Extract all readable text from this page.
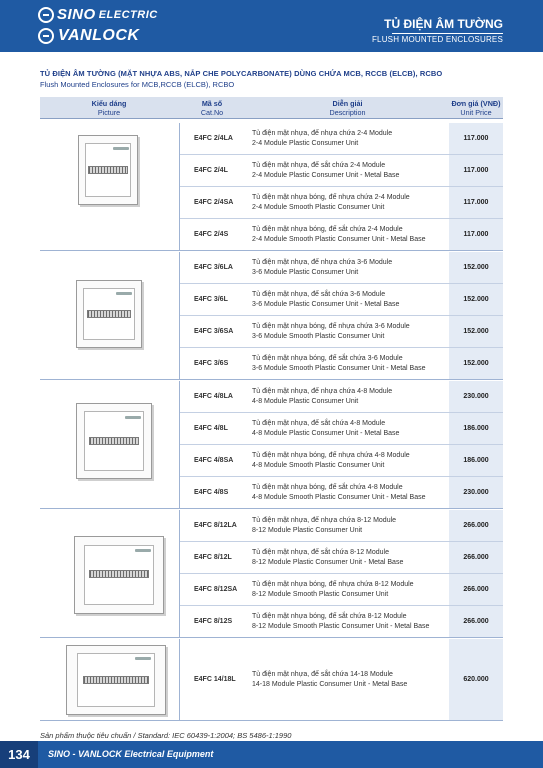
SINO ELECTRIC
VANLOCK
TỦ ĐIỆN ÂM TƯỜNG
FLUSH MOUNTED ENCLOSURES
TỦ ĐIỆN ÂM TƯỜNG (MẶT NHỰA ABS, NẮP CHE POLYCARBONATE) DÙNG CHỨA MCB, RCCB (ELCB), RCBO
Flush Mounted Enclosures for MCB,RCCB (ELCB), RCBO
Kiểu dáng
Picture
Mã số
Cat.No
Diễn giải
Description
Đơn giá (VNĐ)
Unit Price
E4FC 2/4LA
Tủ điện mặt nhựa, đế nhựa chứa 2-4 Module
2-4 Module Plastic Consumer Unit
117.000
E4FC 2/4L
Tủ điện mặt nhựa, đế sắt chứa 2-4 Module
2-4 Module Plastic Consumer Unit - Metal Base
117.000
E4FC 2/4SA
Tủ điện mặt nhựa bóng, đế nhựa chứa 2-4 Module
2-4 Module Smooth Plastic Consumer Unit
117.000
E4FC 2/4S
Tủ điện mặt nhựa bóng, đế sắt chứa 2-4 Module
2-4 Module Smooth Plastic Consumer Unit - Metal Base
117.000
E4FC 3/6LA
Tủ điện mặt nhựa, đế nhựa chứa 3-6 Module
3-6 Module Plastic Consumer Unit
152.000
E4FC 3/6L
Tủ điện mặt nhựa, đế sắt chứa 3-6 Module
3-6 Module Plastic Consumer Unit - Metal Base
152.000
E4FC 3/6SA
Tủ điện mặt nhựa bóng, đế nhựa chứa 3-6 Module
3-6 Module Smooth Plastic Consumer Unit
152.000
E4FC 3/6S
Tủ điện mặt nhựa bóng, đế sắt chứa 3-6 Module
3-6 Module Smooth Plastic Consumer Unit - Metal Base
152.000
E4FC 4/8LA
Tủ điện mặt nhựa, đế nhựa chứa 4-8 Module
4-8 Module Plastic Consumer Unit
230.000
E4FC 4/8L
Tủ điện mặt nhựa, đế sắt chứa 4-8 Module
4-8 Module Plastic Consumer Unit - Metal Base
186.000
E4FC 4/8SA
Tủ điện mặt nhựa bóng, đế nhựa chứa 4-8 Module
4-8 Module Smooth Plastic Consumer Unit
186.000
E4FC 4/8S
Tủ điện mặt nhựa bóng, đế sắt chứa 4-8 Module
4-8 Module Smooth Plastic Consumer Unit - Metal Base
230.000
E4FC 8/12LA
Tủ điện mặt nhựa, đế nhựa chứa 8-12 Module
8-12 Module Plastic Consumer Unit
266.000
E4FC 8/12L
Tủ điện mặt nhựa, đế sắt chứa 8-12 Module
8-12 Module Plastic Consumer Unit - Metal Base
266.000
E4FC 8/12SA
Tủ điện mặt nhựa bóng, đế nhựa chứa 8-12 Module
8-12 Module Smooth Plastic Consumer Unit
266.000
E4FC 8/12S
Tủ điện mặt nhựa bóng, đế sắt chứa 8-12 Module
8-12 Module Smooth Plastic Consumer Unit - Metal Base
266.000
E4FC 14/18L
Tủ điện mặt nhựa, đế sắt chứa 14-18 Module
14-18 Module Plastic Consumer Unit - Metal Base
620.000
Sản phẩm thuộc tiêu chuẩn / Standard: IEC 60439-1:2004; BS 5486-1:1990
134	SINO - VANLOCK Electrical Equipment
